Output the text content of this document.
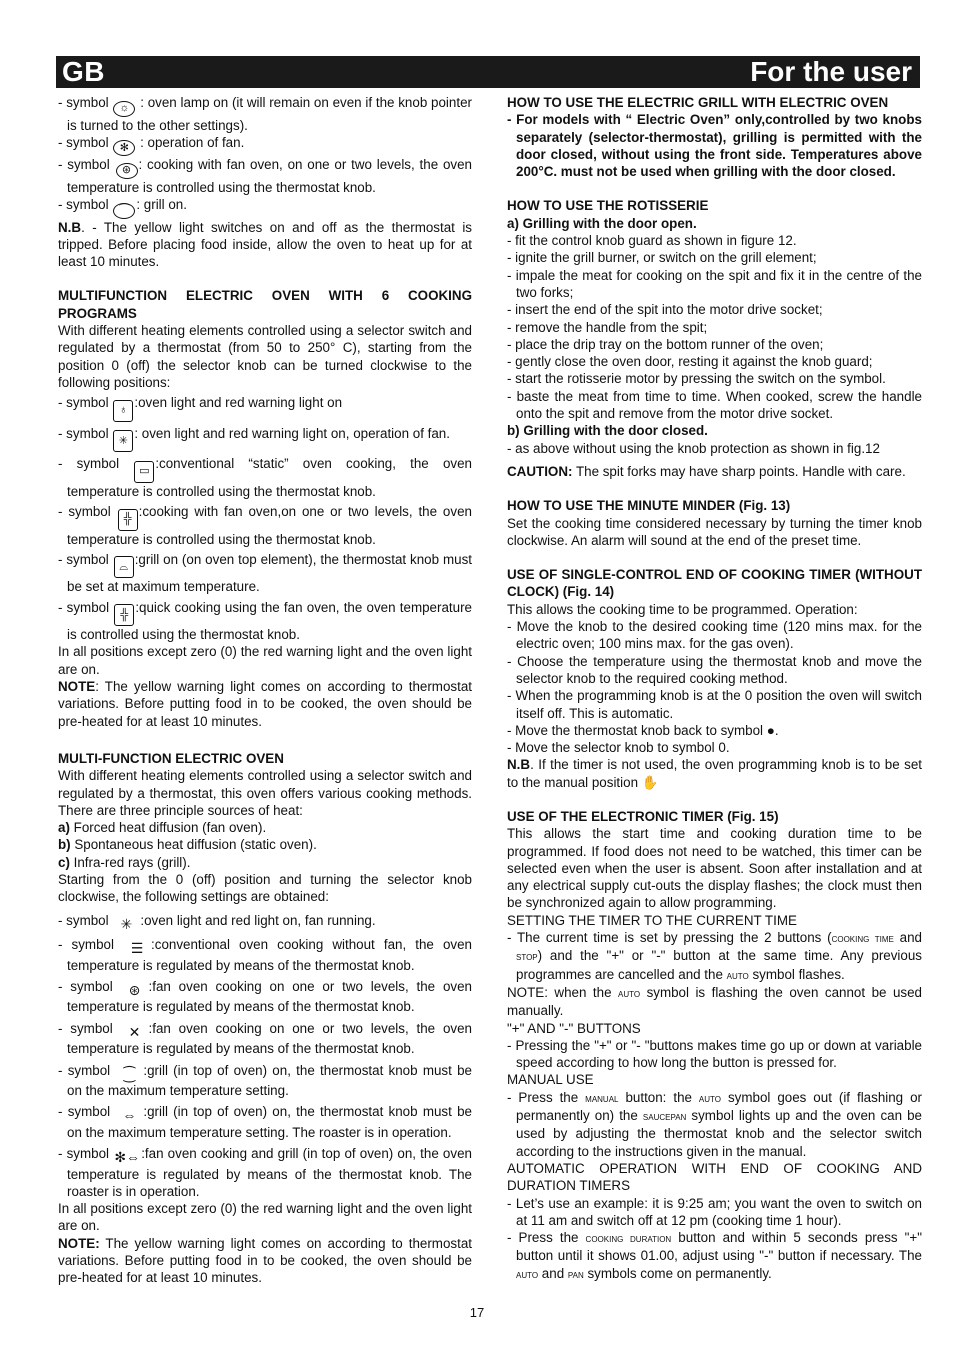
GB	For the user

- symbol ☼ : oven lamp on (it will remain on even if the knob pointer is turned to the other settings).

- symbol ✻ : operation of fan.

- symbol ⊛ : cooking with fan oven, on one or two levels, the oven temperature is controlled using the thermostat knob.

- symbol ⌒ : grill on.

N.B. - The yellow light switches on and off as the thermostat is tripped. Before placing food inside, allow the oven to heat up for at least 10 minutes.

MULTIFUNCTION ELECTRIC OVEN WITH 6 COOKING PROGRAMS

With different heating elements controlled using a selector switch and regulated by a thermostat (from 50 to 250° C), starting from the position 0 (off) the selector knob can be turned clockwise to the following positions:

- symbol ♁ :oven light and red warning light on

- symbol ✳ : oven light and red warning light on, operation of fan.

- symbol ▭ :conventional “static” oven cooking, the oven temperature is controlled using the thermostat knob.

- symbol ╬ :cooking with fan oven,on one or two levels, the oven temperature is controlled using the thermostat knob.

- symbol ⌓ :grill on (on oven top element), the thermostat knob must be set at maximum temperature.

- symbol ╬ :quick cooking using the fan oven, the oven temperature is controlled using the thermostat knob.

In all positions except zero (0) the red warning light and the oven light are on.

NOTE: The yellow warning light comes on according to thermostat variations. Before putting food in to be cooked, the oven should be pre-heated for at least 10 minutes.

MULTI-FUNCTION ELECTRIC OVEN

With different heating elements controlled using a selector switch and regulated by a thermostat, this oven offers various cooking methods. There are three principle sources of heat:

a) Forced heat diffusion (fan oven).

b) Spontaneous heat diffusion (static oven).

c) Infra-red rays (grill).

Starting from the 0 (off) position and turning the selector knob clockwise, the following settings are obtained:

- symbol ✳ :oven light and red light on, fan running.

- symbol ☰ :conventional oven cooking without fan, the oven temperature is regulated by means of the thermostat knob.

- symbol ⊛ :fan oven cooking on one or two levels, the oven temperature is regulated by means of the thermostat knob.

- symbol ✕ :fan oven cooking on one or two levels, the oven temperature is regulated by means of the thermostat knob.

- symbol ⁐ :grill (in top of oven) on, the thermostat knob must be on the maximum temperature setting.

- symbol ⇔ :grill (in top of oven) on, the thermostat knob must be on the maximum temperature setting. The roaster is in operation.

- symbol ✻⇔:fan oven cooking and grill (in top of oven) on, the oven temperature is regulated by means of the thermostat knob. The roaster is in operation.

In all positions except zero (0) the red warning light and the oven light are on.

NOTE: The yellow warning light comes on according to thermostat variations. Before putting food in to be cooked, the oven should be pre-heated for at least 10 minutes.

HOW TO USE THE ELECTRIC GRILL WITH ELECTRIC OVEN

- For models with “ Electric Oven” only,controlled by two knobs separately (selector-thermostat), grilling is permitted with the door closed, without using the front side. Temperatures above 200°C. must not be used when grilling with the door closed.

HOW TO USE THE ROTISSERIE

a) Grilling with the door open.

- fit the control knob guard as shown in figure 12.

- ignite the grill burner, or switch on the grill element;

- impale the meat for cooking on the spit and fix it in the centre of the two forks;

- insert the end of the spit into the motor drive socket;

- remove the handle from the spit;

- place the drip tray on the bottom runner of the oven;

- gently close the oven door, resting it against the knob guard;

- start the rotisserie motor by pressing the switch on the symbol.

- baste the meat from time to time. When cooked, screw the handle onto the spit and remove from the motor drive socket.

b) Grilling with the door closed.

- as above without using the knob protection as shown in fig.12

CAUTION: The spit forks may have sharp points. Handle with care.

HOW TO USE THE MINUTE MINDER (Fig. 13)

Set the cooking time considered necessary by turning the timer knob clockwise. An alarm will sound at the end of the preset time.

USE OF SINGLE-CONTROL END OF COOKING TIMER (WITHOUT CLOCK) (Fig. 14)

This allows the cooking time to be programmed. Operation:

- Move the knob to the desired cooking time (120 mins max. for the electric oven; 100 mins max. for the gas oven).

- Choose the temperature using the thermostat knob and move the selector knob to the required cooking method.

- When the programming knob is at the 0 position the oven will switch itself off. This is automatic.

- Move the thermostat knob back to symbol ●.

- Move the selector knob to symbol 0.

N.B. If the timer is not used, the oven programming knob is to be set to the manual position ✋

USE OF THE ELECTRONIC TIMER (Fig. 15)

This allows the start time and cooking duration time to be programmed. If food does not need to be watched, this timer can be selected even when the user is absent. Soon after installation and at any electrical supply cut-outs the display flashes; the clock must then be synchronized again to allow programming.

SETTING THE TIMER TO THE CURRENT TIME

- The current time is set by pressing the 2 buttons (cooking time and stop) and the "+" or "-" button at the same time. Any previous programmes are cancelled and the auto symbol flashes.

NOTE: when the auto symbol is flashing the oven cannot be used manually.

"+" AND "-" BUTTONS

- Pressing the "+" or "- "buttons makes time go up or down at variable speed according to how long the button is pressed for.

MANUAL USE

- Press the manual button: the auto symbol goes out (if flashing or permanently on) the saucepan symbol lights up and the oven can be used by adjusting the thermostat knob and the selector switch according to the instructions given in the manual.

AUTOMATIC OPERATION WITH END OF COOKING AND DURATION TIMERS

- Let’s use an example: it is 9:25 am; you want the oven to switch on at 11 am and switch off at 12 pm (cooking time 1 hour).

- Press the cooking duration button and within 5 seconds press "+" button until it shows 01.00, adjust using "-" button if necessary. The auto and pan symbols come on permanently.

17
